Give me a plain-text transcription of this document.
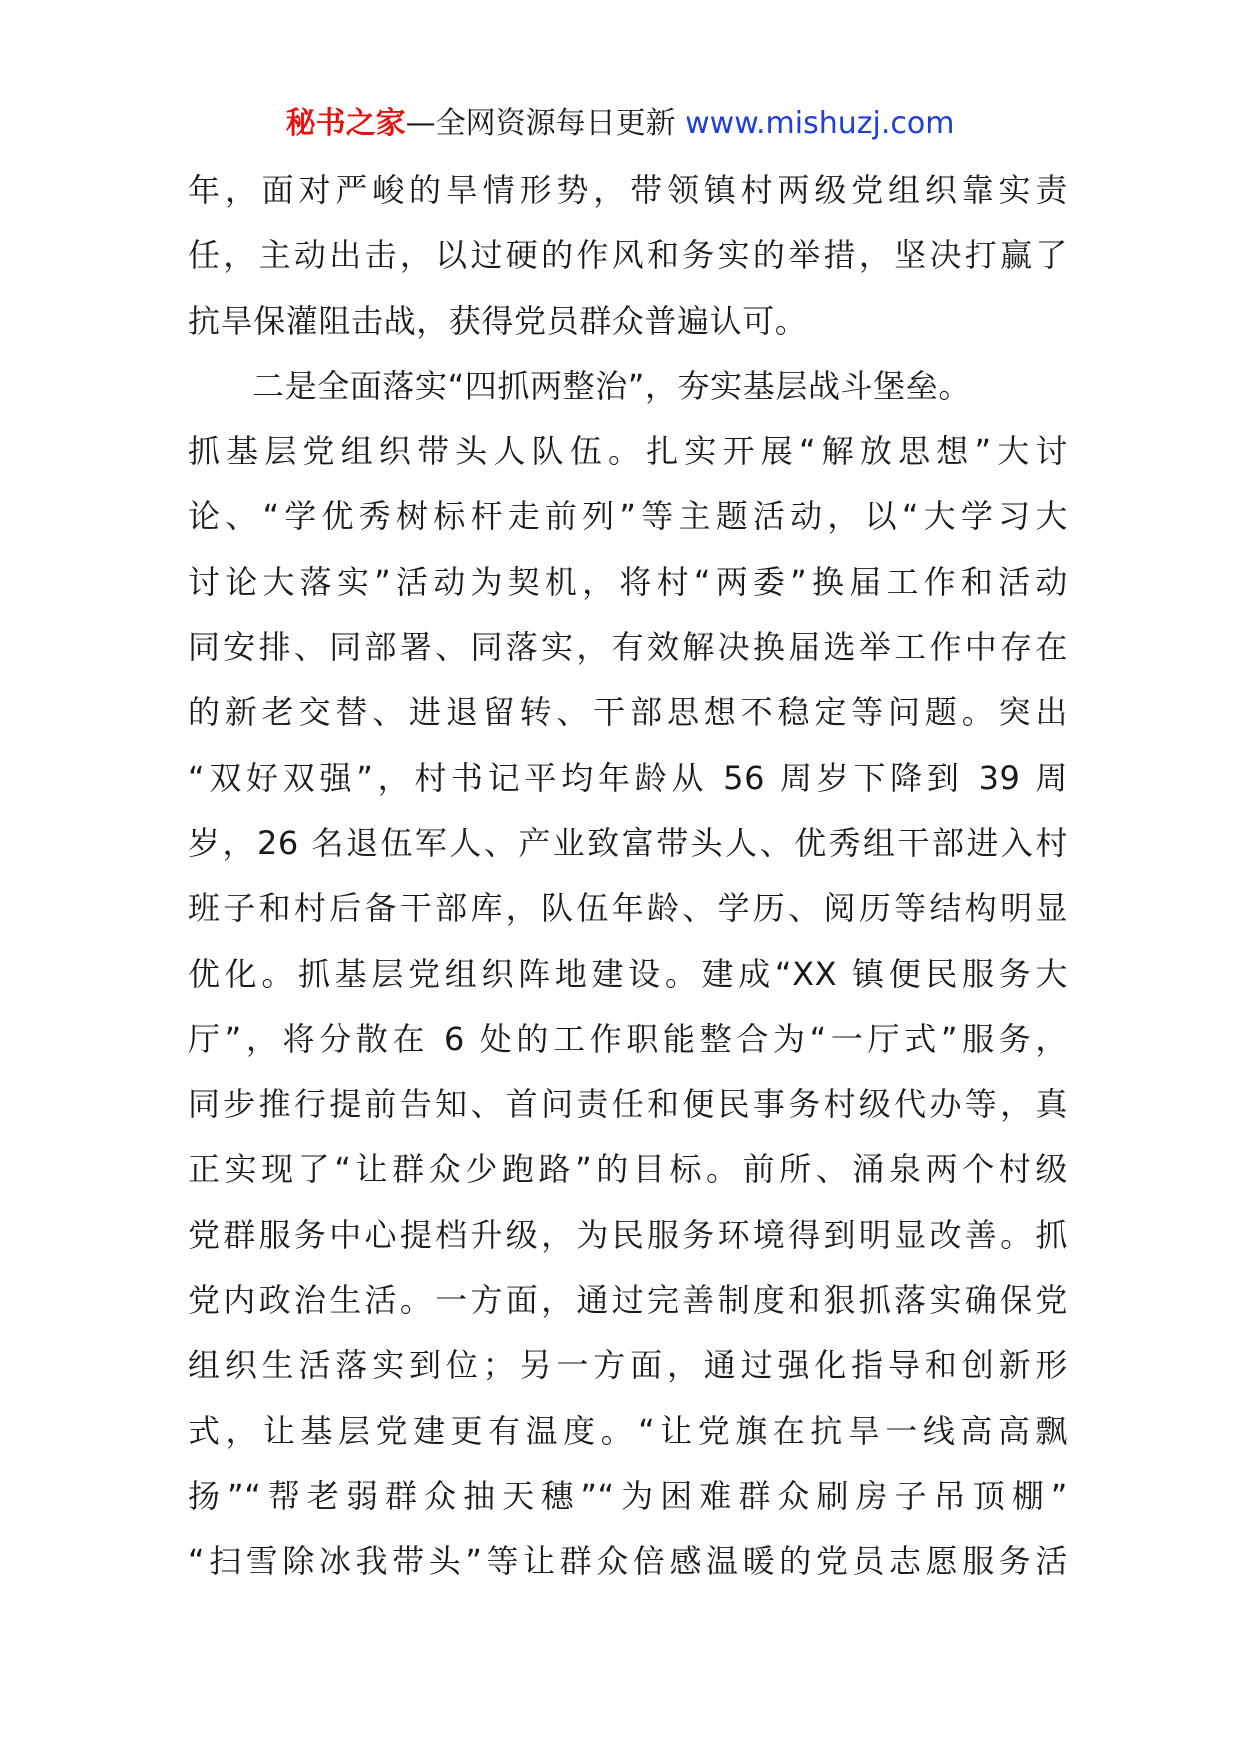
秘书之家—全网资源每日更新 www.mishuzj.com
年，面对严峻的旱情形势，带领镇村两级党组织靠实责
任，主动出击，以过硬的作风和务实的举措，坚决打赢了
抗旱保灌阻击战，获得党员群众普遍认可。
二是全面落实“四抓两整治”，夯实基层战斗堡垒。
抓基层党组织带头人队伍。扎实开展“解放思想”大讨
论、“学优秀树标杆走前列”等主题活动，以“大学习大
讨论大落实”活动为契机，将村“两委”换届工作和活动
同安排、同部署、同落实，有效解决换届选举工作中存在
的新老交替、进退留转、干部思想不稳定等问题。突出
“双好双强”，村书记平均年龄从 56 周岁下降到 39 周
岁，26 名退伍军人、产业致富带头人、优秀组干部进入村
班子和村后备干部库，队伍年龄、学历、阅历等结构明显
优化。抓基层党组织阵地建设。建成“XX 镇便民服务大
厅”，将分散在 6 处的工作职能整合为“一厅式”服务，
同步推行提前告知、首问责任和便民事务村级代办等，真
正实现了“让群众少跑路”的目标。前所、涌泉两个村级
党群服务中心提档升级，为民服务环境得到明显改善。抓
党内政治生活。一方面，通过完善制度和狠抓落实确保党
组织生活落实到位；另一方面，通过强化指导和创新形
式，让基层党建更有温度。“让党旗在抗旱一线高高飘
扬”“帮老弱群众抽天穗”“为困难群众刷房子吊顶棚”
“扫雪除冰我带头”等让群众倍感温暖的党员志愿服务活
